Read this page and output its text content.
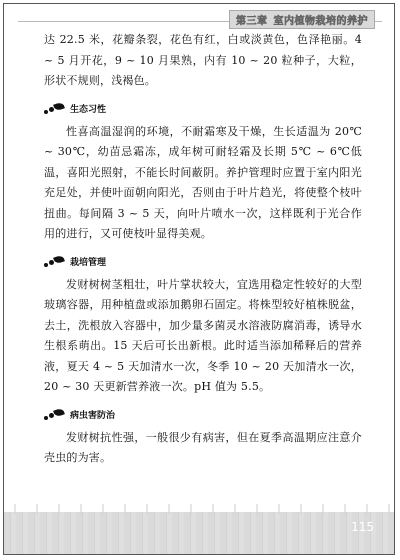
第三章 室内植物栽培的养护

达 22.5 米，花瓣条裂，花色有红，白或淡黄色，色泽艳丽。4 ~ 5 月开花，9 ~ 10 月果熟，内有 10 ~ 20 粒种子，大粒，形状不规则，浅褐色。

生态习性

性喜高温湿润的环境，不耐霜寒及干燥，生长适温为 20℃ ~ 30℃，幼苗忌霜冻，成年树可耐轻霜及长期 5℃ ~ 6℃低温，喜阳光照射，不能长时间蔽阴。养护管理时应置于室内阳光充足处，并使叶面朝向阳光，否则由于叶片趋光，将使整个枝叶扭曲。每间隔 3 ~ 5 天，向叶片喷水一次，这样既利于光合作用的进行，又可使枝叶显得美观。

栽培管理

发财树树茎粗壮，叶片掌状较大，宜选用稳定性较好的大型玻璃容器，用种植盘或添加鹅卵石固定。将株型较好植株脱盆，去土，洗根放入容器中，加少量多菌灵水溶液防腐消毒，诱导水生根系萌出。15 天后可长出新根。此时适当添加稀释后的营养液，夏天 4 ~ 5 天加清水一次，冬季 10 ~ 20 天加清水一次，20 ~ 30 天更新营养液一次。pH 值为 5.5。

病虫害防治

发财树抗性强，一般很少有病害，但在夏季高温期应注意介壳虫的为害。

115
